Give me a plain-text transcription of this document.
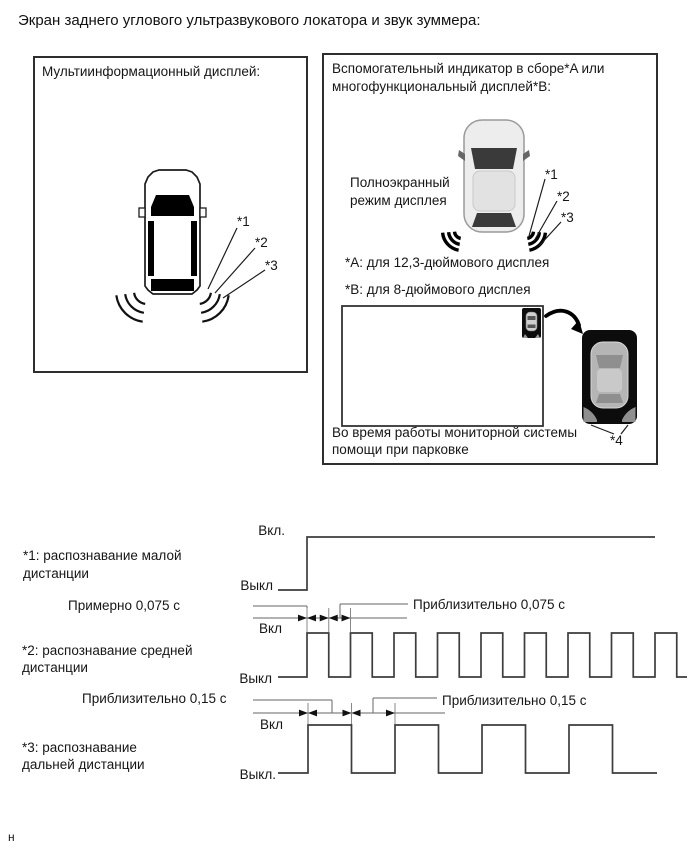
Экран заднего углового ультразвукового локатора и звук зуммера:
Мультиинформационный дисплей:
*1
*2
*3
Вспомогательный индикатор в сборе*A или
многофункциональный дисплей*B:
Полноэкранный
режим дисплея
*1
*2
*3
*A: для 12,3-дюймового дисплея
*B: для 8-дюймового дисплея
Во время работы мониторной системы
помощи при парковке
*4
*1: распознавание малой
дистанции
Вкл.
Выкл
Примерно 0,075 с	Приблизительно 0,075 с
Вкл
Выкл
*2: распознавание средней
дистанции
Приблизительно 0,15 с	Приблизительно 0,15 с
Вкл
Выкл.
*3: распознавание
дальней дистанции
н
